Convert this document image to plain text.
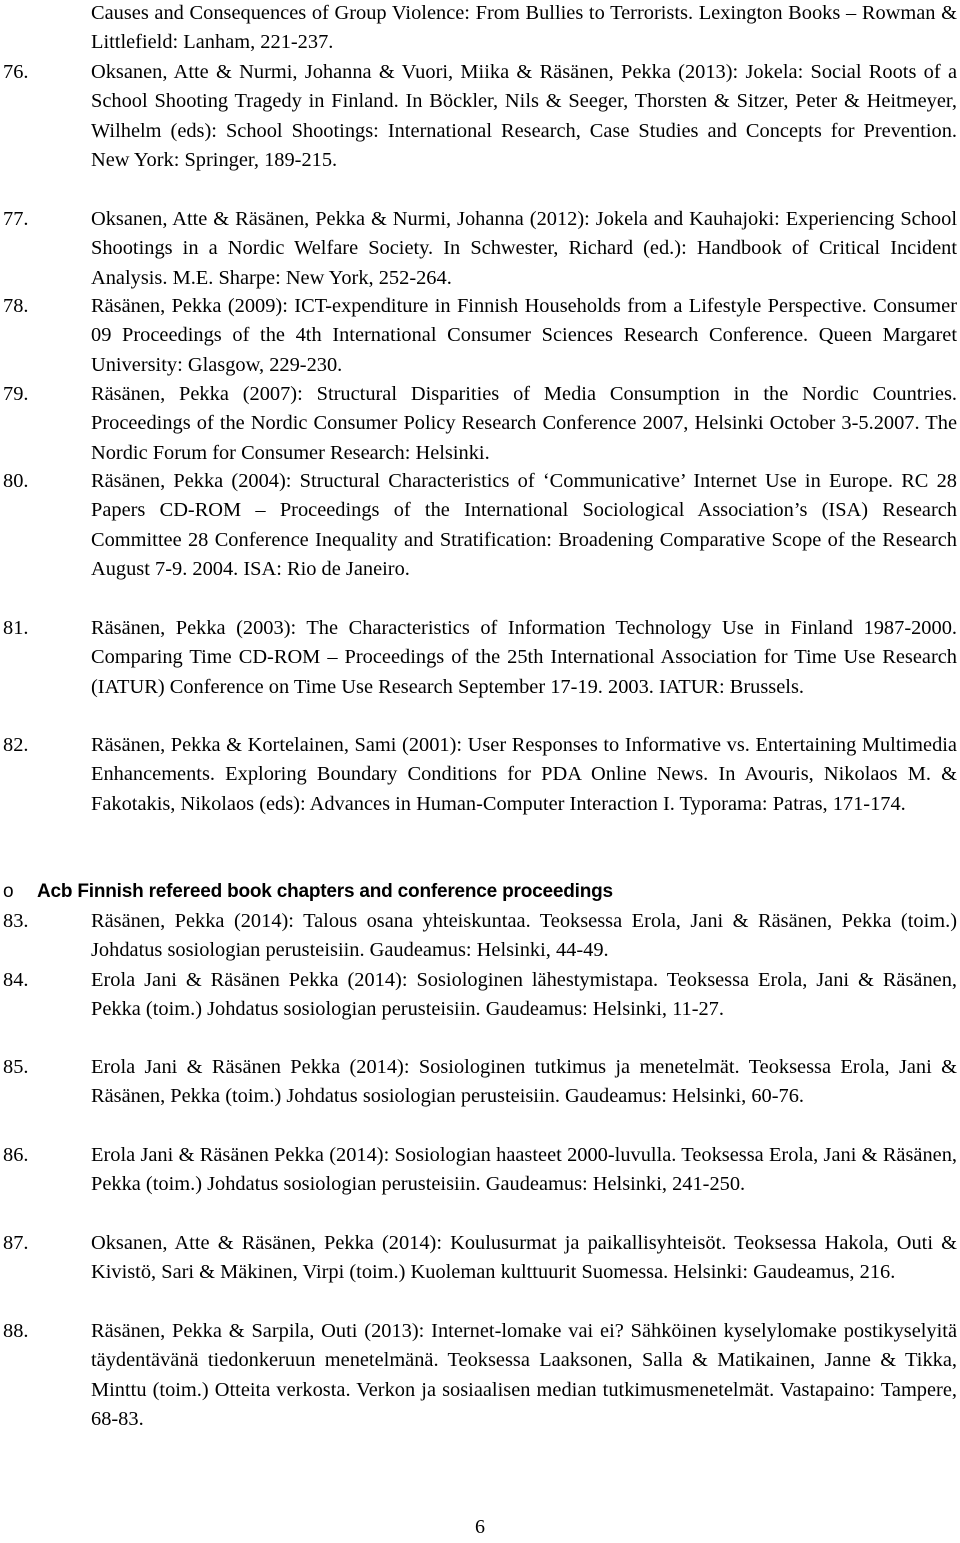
Causes and Consequences of Group Violence: From Bullies to Terrorists. Lexington Books – Rowman & Littlefield: Lanham, 221-237.
76.	Oksanen, Atte & Nurmi, Johanna & Vuori, Miika & Räsänen, Pekka (2013): Jokela: Social Roots of a School Shooting Tragedy in Finland. In Böckler, Nils & Seeger, Thorsten & Sitzer, Peter & Heitmeyer, Wilhelm (eds): School Shootings: International Research, Case Studies and Concepts for Prevention. New York: Springer, 189-215.
77.	Oksanen, Atte & Räsänen, Pekka & Nurmi, Johanna (2012): Jokela and Kauhajoki: Experiencing School Shootings in a Nordic Welfare Society. In Schwester, Richard (ed.): Handbook of Critical Incident Analysis. M.E. Sharpe: New York, 252-264.
78.	Räsänen, Pekka (2009): ICT-expenditure in Finnish Households from a Lifestyle Perspective. Consumer 09 Proceedings of the 4th International Consumer Sciences Research Conference. Queen Margaret University: Glasgow, 229-230.
79.	Räsänen, Pekka (2007): Structural Disparities of Media Consumption in the Nordic Countries. Proceedings of the Nordic Consumer Policy Research Conference 2007, Helsinki October 3-5.2007. The Nordic Forum for Consumer Research: Helsinki.
80.	Räsänen, Pekka (2004): Structural Characteristics of ‘Communicative’ Internet Use in Europe. RC 28 Papers CD-ROM – Proceedings of the International Sociological Association’s (ISA) Research Committee 28 Conference Inequality and Stratification: Broadening Comparative Scope of the Research August 7-9. 2004. ISA: Rio de Janeiro.
81.	Räsänen, Pekka (2003): The Characteristics of Information Technology Use in Finland 1987-2000. Comparing Time CD-ROM – Proceedings of the 25th International Association for Time Use Research (IATUR) Conference on Time Use Research September 17-19. 2003. IATUR: Brussels.
82.	Räsänen, Pekka & Kortelainen, Sami (2001): User Responses to Informative vs. Entertaining Multimedia Enhancements. Exploring Boundary Conditions for PDA Online News. In Avouris, Nikolaos M. & Fakotakis, Nikolaos (eds): Advances in Human-Computer Interaction I. Typorama: Patras, 171-174.
o Acb Finnish refereed book chapters and conference proceedings
83.	Räsänen, Pekka (2014): Talous osana yhteiskuntaa. Teoksessa Erola, Jani & Räsänen, Pekka (toim.) Johdatus sosiologian perusteisiin. Gaudeamus: Helsinki, 44-49.
84.	Erola Jani & Räsänen Pekka (2014): Sosiologinen lähestymistapa. Teoksessa Erola, Jani & Räsänen, Pekka (toim.) Johdatus sosiologian perusteisiin. Gaudeamus: Helsinki, 11-27.
85.	Erola Jani & Räsänen Pekka (2014): Sosiologinen tutkimus ja menetelmät. Teoksessa Erola, Jani & Räsänen, Pekka (toim.) Johdatus sosiologian perusteisiin. Gaudeamus: Helsinki, 60-76.
86.	Erola Jani & Räsänen Pekka (2014): Sosiologian haasteet 2000-luvulla. Teoksessa Erola, Jani & Räsänen, Pekka (toim.) Johdatus sosiologian perusteisiin. Gaudeamus: Helsinki, 241-250.
87.	Oksanen, Atte & Räsänen, Pekka (2014): Koulusurmat ja paikallisyhteisöt. Teoksessa Hakola, Outi & Kivistö, Sari & Mäkinen, Virpi (toim.) Kuoleman kulttuurit Suomessa. Helsinki: Gaudeamus, 216.
88.	Räsänen, Pekka & Sarpila, Outi (2013): Internet-lomake vai ei? Sähköinen kyselylomake postikyselyitä täydentävänä tiedonkeruun menetelmänä. Teoksessa Laaksonen, Salla & Matikainen, Janne & Tikka, Minttu (toim.) Otteita verkosta. Verkon ja sosiaalisen median tutkimusmenetelmät. Vastapaino: Tampere, 68-83.
6
